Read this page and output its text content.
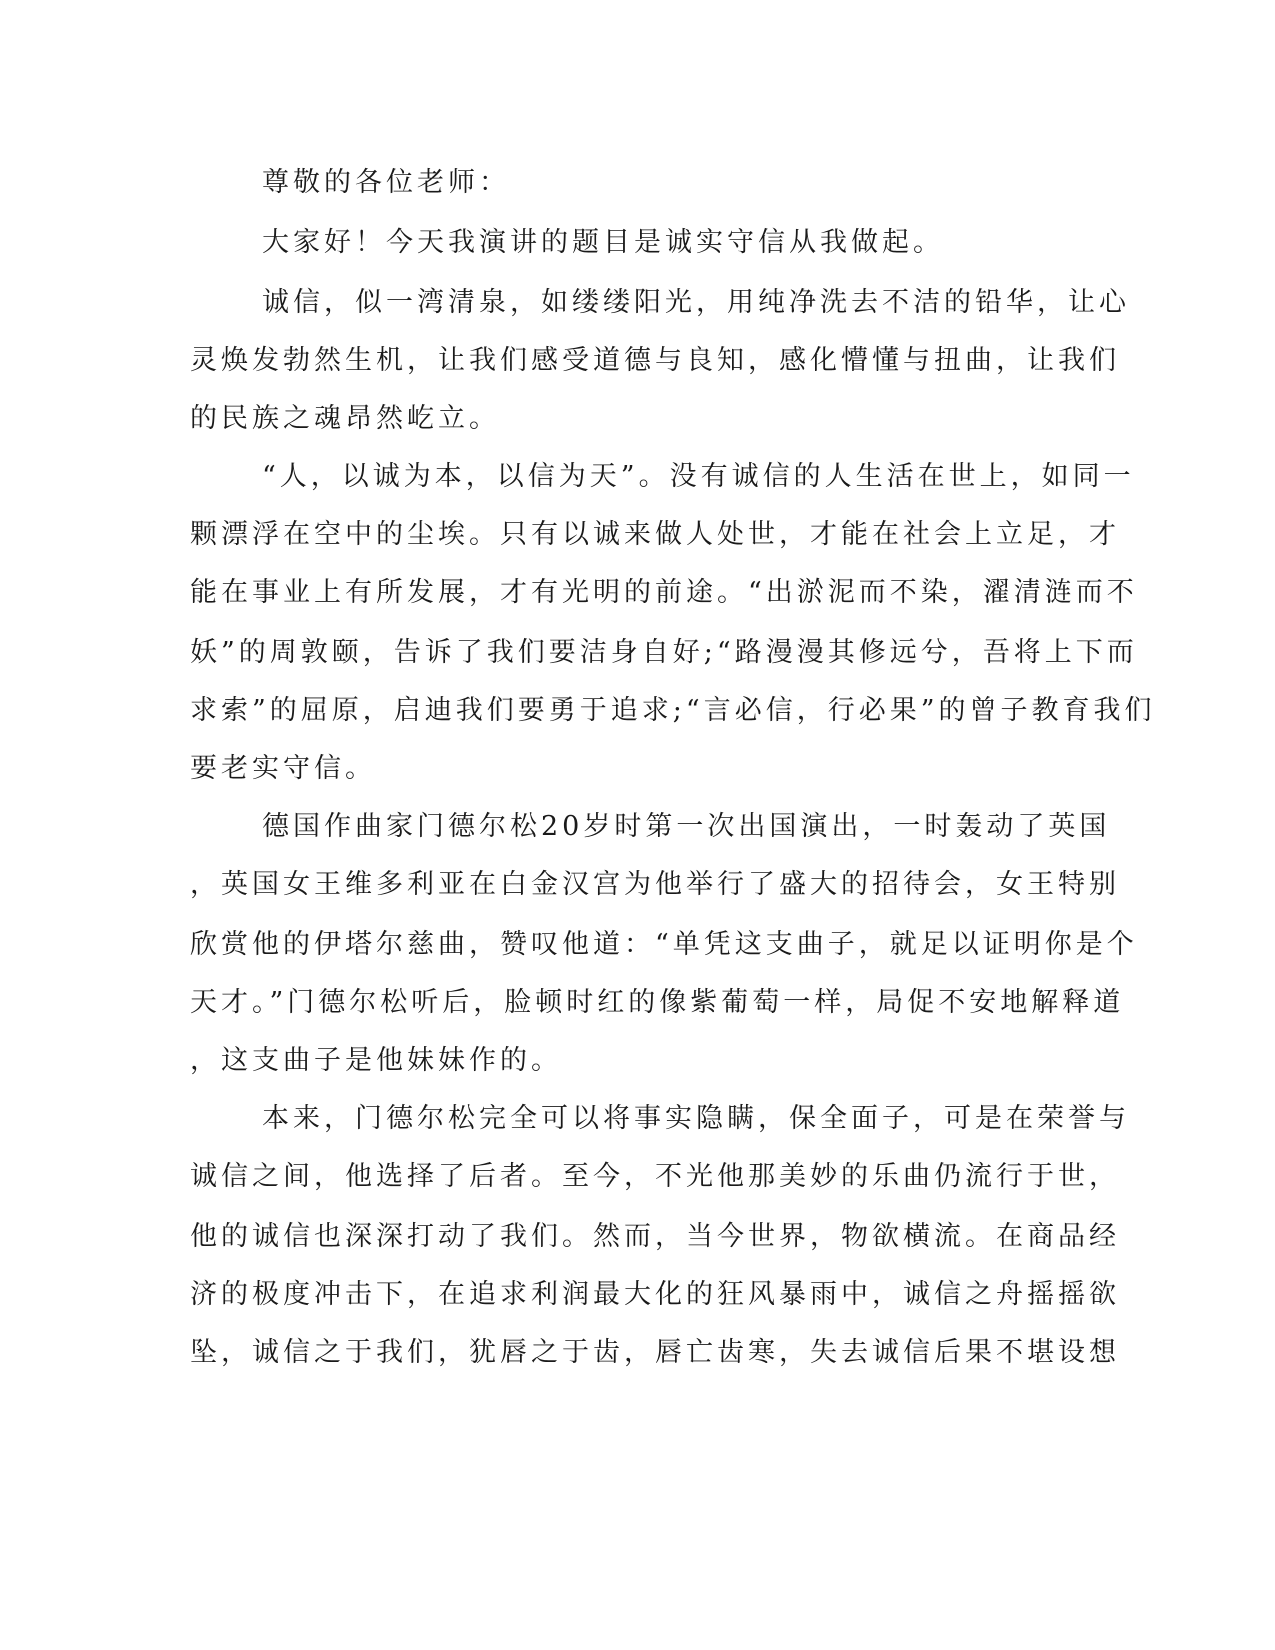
尊敬的各位老师：
大家好！今天我演讲的题目是诚实守信从我做起。
诚信，似一湾清泉，如缕缕阳光，用纯净洗去不洁的铅华，让心
灵焕发勃然生机，让我们感受道德与良知，感化懵懂与扭曲，让我们
的民族之魂昂然屹立。
“人，以诚为本，以信为天”。没有诚信的人生活在世上，如同一
颗漂浮在空中的尘埃。只有以诚来做人处世，才能在社会上立足，才
能在事业上有所发展，才有光明的前途。“出淤泥而不染，濯清涟而不
妖”的周敦颐，告诉了我们要洁身自好;“路漫漫其修远兮，吾将上下而
求索”的屈原，启迪我们要勇于追求;“言必信，行必果”的曾子教育我们
要老实守信。
德国作曲家门德尔松20岁时第一次出国演出，一时轰动了英国
，英国女王维多利亚在白金汉宫为他举行了盛大的招待会，女王特别
欣赏他的伊塔尔慈曲，赞叹他道：“单凭这支曲子，就足以证明你是个
天才。”门德尔松听后，脸顿时红的像紫葡萄一样，局促不安地解释道
，这支曲子是他妹妹作的。
本来，门德尔松完全可以将事实隐瞒，保全面子，可是在荣誉与
诚信之间，他选择了后者。至今，不光他那美妙的乐曲仍流行于世，
他的诚信也深深打动了我们。然而，当今世界，物欲横流。在商品经
济的极度冲击下，在追求利润最大化的狂风暴雨中，诚信之舟摇摇欲
坠，诚信之于我们，犹唇之于齿，唇亡齿寒，失去诚信后果不堪设想
